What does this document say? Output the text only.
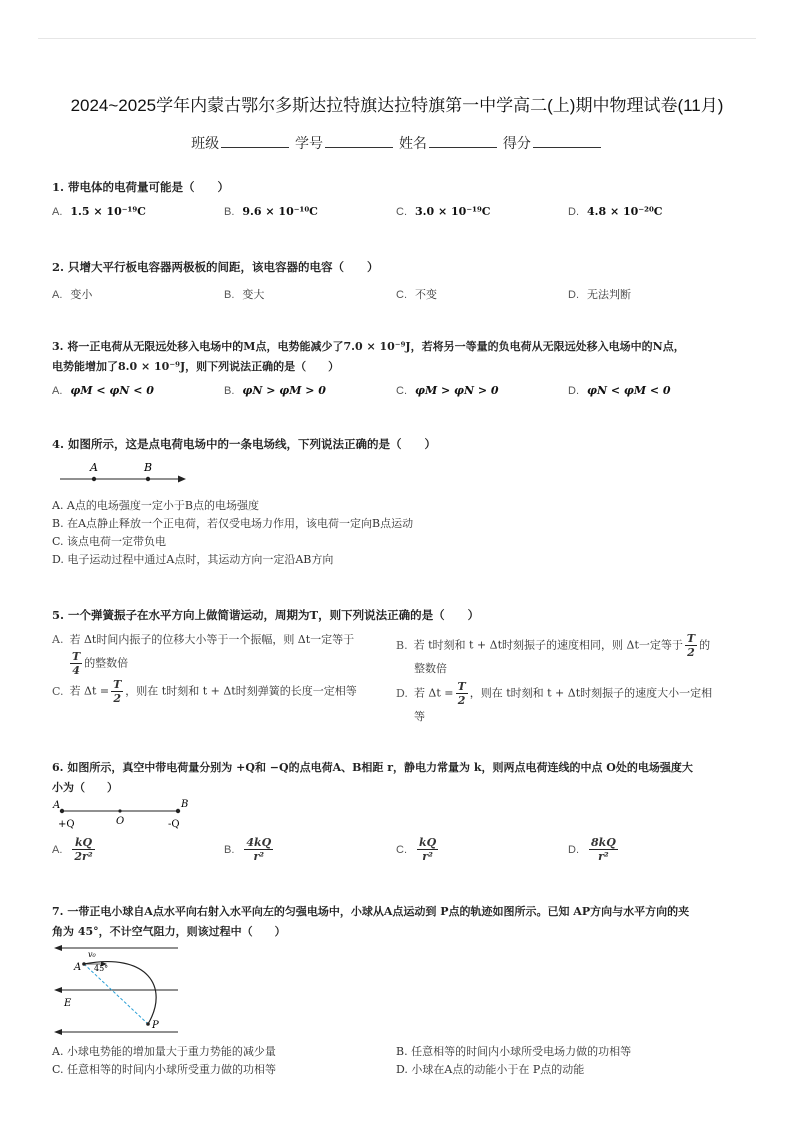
2024~2025学年内蒙古鄂尔多斯达拉特旗达拉特旗第一中学高二(上)期中物理试卷(11月)
班级	学号	姓名	得分
1. 带电体的电荷量可能是（　　）
A. 1.5 × 10⁻¹⁹C	B. 9.6 × 10⁻¹⁰C	C. 3.0 × 10⁻¹⁹C	D. 4.8 × 10⁻²⁰C
2. 只增大平行板电容器两极板的间距，该电容器的电容（　　）
A. 变小	B. 变大	C. 不变	D. 无法判断
3. 将一正电荷从无限远处移入电场中的M点，电势能减少了7.0 × 10⁻⁹J，若将另一等量的负电荷从无限远处移入电场中的N点，
电势能增加了8.0 × 10⁻⁹J，则下列说法正确的是（　　）
A. φM < φN < 0	B. φN > φM > 0	C. φM > φN > 0	D. φN < φM < 0
4. 如图所示，这是点电荷电场中的一条电场线，下列说法正确的是（　　）
A	B
A. A点的电场强度一定小于B点的电场强度
B. 在A点静止释放一个正电荷，若仅受电场力作用，该电荷一定向B点运动
C. 该点电荷一定带负电
D. 电子运动过程中通过A点时，其运动方向一定沿AB方向
5. 一个弹簧振子在水平方向上做简谐运动，周期为T，则下列说法正确的是（　　）
A. 若 Δt时间内振子的位移大小等于一个振幅，则 Δt一定等于

$\frac{T}{4}$ 的整数倍
B. 若 t时刻和 t + Δt时刻振子的速度相同，则 Δt一定等于 $\frac{T}{2}$ 的
整数倍
C. 若 $\Delta t = \frac{T}{2}$ ，则在 t时刻和 t + Δt时刻弹簧的长度一定相等	D. 若 $\Delta t = \frac{T}{2}$ ，则在 t时刻和 t + Δt时刻振子的速度大小一定相
等
6. 如图所示，真空中带电荷量分别为 +Q和 −Q的点电荷A、B相距 r，静电力常量为 k，则两点电荷连线的中点 O处的电场强度大
小为（　　）
A	B
+Q	O	-Q
A. $\frac{kQ}{\text{2r²}}$	B. $\frac{4kQ}{\text{r²}}$	C. $\frac{kQ}{\text{r²}}$	D. $\frac{8kQ}{\text{r²}}$
7. 一带正电小球自A点水平向右射入水平向左的匀强电场中，小球从A点运动到 P点的轨迹如图所示。已知 AP方向与水平方向的夹
角为 45°，不计空气阻力，则该过程中（　　）
A
v₀
45°
E
P
A. 小球电势能的增加量大于重力势能的减少量	B. 任意相等的时间内小球所受电场力做的功相等
C. 任意相等的时间内小球所受重力做的功相等	D. 小球在A点的动能小于在 P点的动能
